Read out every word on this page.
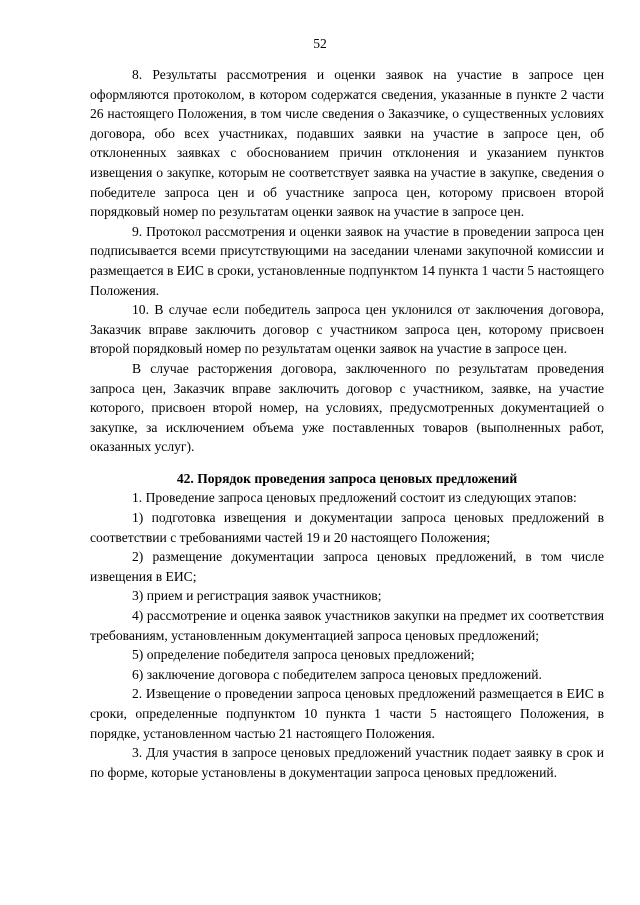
52

8. Результаты рассмотрения и оценки заявок на участие в запросе цен оформляются протоколом, в котором содержатся сведения, указанные в пункте 2 части 26 настоящего Положения, в том числе сведения о Заказчике, о существенных условиях договора, обо всех участниках, подавших заявки на участие в запросе цен, об отклоненных заявках с обоснованием причин отклонения и указанием пунктов извещения о закупке, которым не соответствует заявка на участие в закупке, сведения о победителе запроса цен и об участнике запроса цен, которому присвоен второй порядковый номер по результатам оценки заявок на участие в запросе цен.

9. Протокол рассмотрения и оценки заявок на участие в проведении запроса цен подписывается всеми присутствующими на заседании членами закупочной комиссии и размещается в ЕИС в сроки, установленные подпунктом 14 пункта 1 части 5 настоящего Положения.

10. В случае если победитель запроса цен уклонился от заключения договора, Заказчик вправе заключить договор с участником запроса цен, которому присвоен второй порядковый номер по результатам оценки заявок на участие в запросе цен.

В случае расторжения договора, заключенного по результатам проведения запроса цен, Заказчик вправе заключить договор с участником, заявке, на участие которого, присвоен второй номер, на условиях, предусмотренных документацией о закупке, за исключением объема уже поставленных товаров (выполненных работ, оказанных услуг).

42. Порядок проведения запроса ценовых предложений

1. Проведение запроса ценовых предложений состоит из следующих этапов:

1) подготовка извещения и документации запроса ценовых предложений в соответствии с требованиями частей 19 и 20 настоящего Положения;

2) размещение документации запроса ценовых предложений, в том числе извещения в ЕИС;

3) прием и регистрация заявок участников;

4) рассмотрение и оценка заявок участников закупки на предмет их соответствия требованиям, установленным документацией запроса ценовых предложений;

5) определение победителя запроса ценовых предложений;

6) заключение договора с победителем запроса ценовых предложений.

2. Извещение о проведении запроса ценовых предложений размещается в ЕИС в сроки, определенные подпунктом 10 пункта 1 части 5 настоящего Положения, в порядке, установленном частью 21 настоящего Положения.

3. Для участия в запросе ценовых предложений участник подает заявку в срок и по форме, которые установлены в документации запроса ценовых предложений.
